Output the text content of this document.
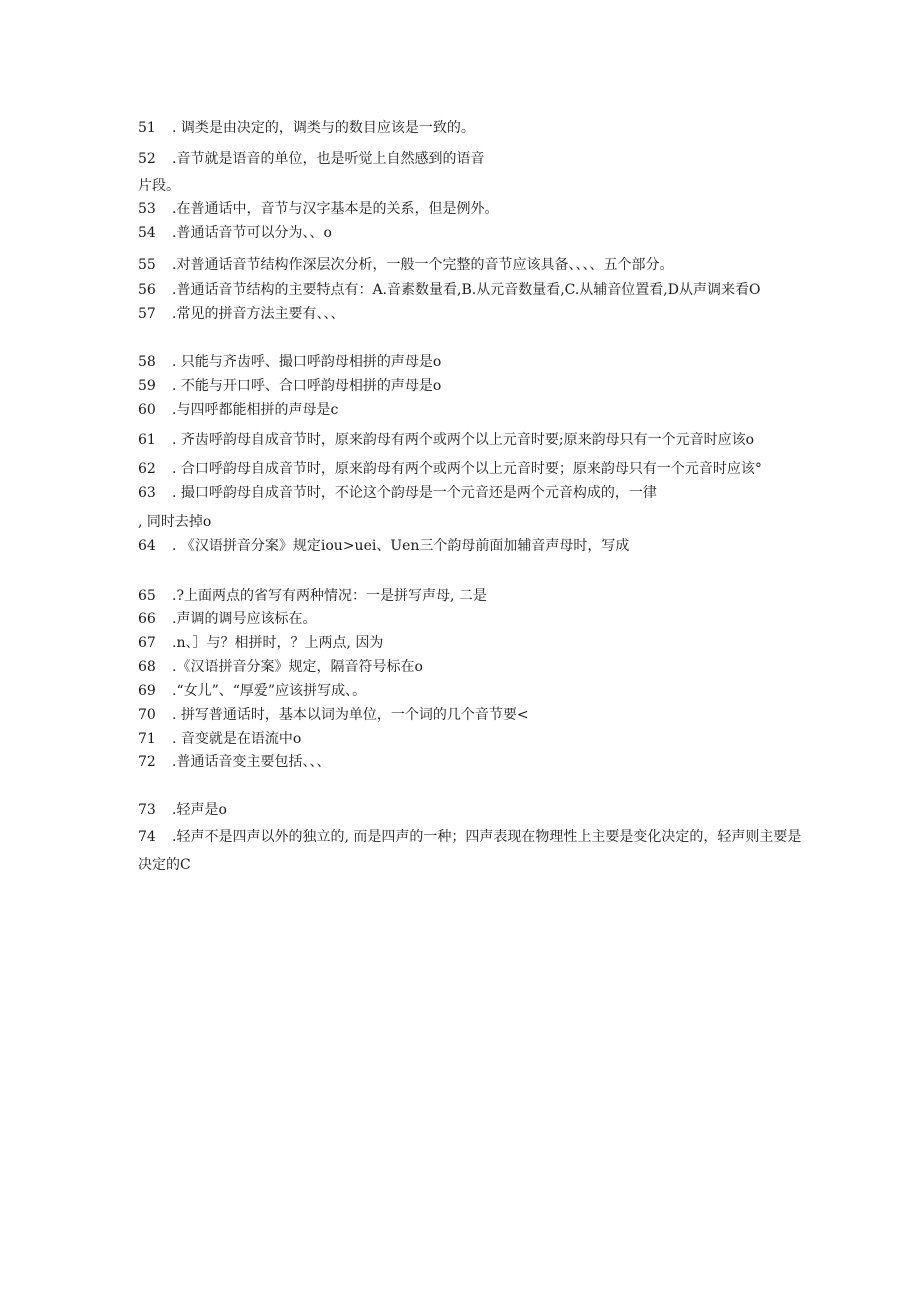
51 . 调类是由决定的，调类与的数目应该是一致的。
52 .音节就是语音的单位，也是听觉上自然感到的语音
片段。
53 .在普通话中，音节与汉字基本是的关系，但是例外。
54 .普通话音节可以分为、、o
55 .对普通话音节结构作深层次分析，一般一个完整的音节应该具备、、、、五个部分。
56 .普通话音节结构的主要特点有：A.音素数量看,B.从元音数量看,C.从辅音位置看,D从声调来看O
57 .常见的拼音方法主要有、、、
58 . 只能与齐齿呼、撮口呼韵母相拼的声母是o
59 . 不能与开口呼、合口呼韵母相拼的声母是o
60 .与四呼都能相拼的声母是c
61 . 齐齿呼韵母自成音节时，原来韵母有两个或两个以上元音时要;原来韵母只有一个元音时应该o
62 . 合口呼韵母自成音节时，原来韵母有两个或两个以上元音时要；原来韵母只有一个元音时应该°
63 . 撮口呼韵母自成音节时，不论这个韵母是一个元音还是两个元音构成的，一律
, 同时去掉o
64 . 《汉语拼音分案》规定iou>uei、Uen三个韵母前面加辅音声母时，写成
65 .?上面两点的省写有两种情况：一是拼写声母, 二是
66 .声调的调号应该标在。
67 .n、］与？相拼时，？上两点, 因为
68 .《汉语拼音分案》规定，隔音符号标在o
69 .“女儿”、“厚爱”应该拼写成、。
70 . 拼写普通话时，基本以词为单位，一个词的几个音节要<
71 . 音变就是在语流中o
72 .普通话音变主要包括、、、
73 .轻声是o
74 .轻声不是四声以外的独立的, 而是四声的一种；四声表现在物理性上主要是变化决定的，轻声则主要是
决定的C
